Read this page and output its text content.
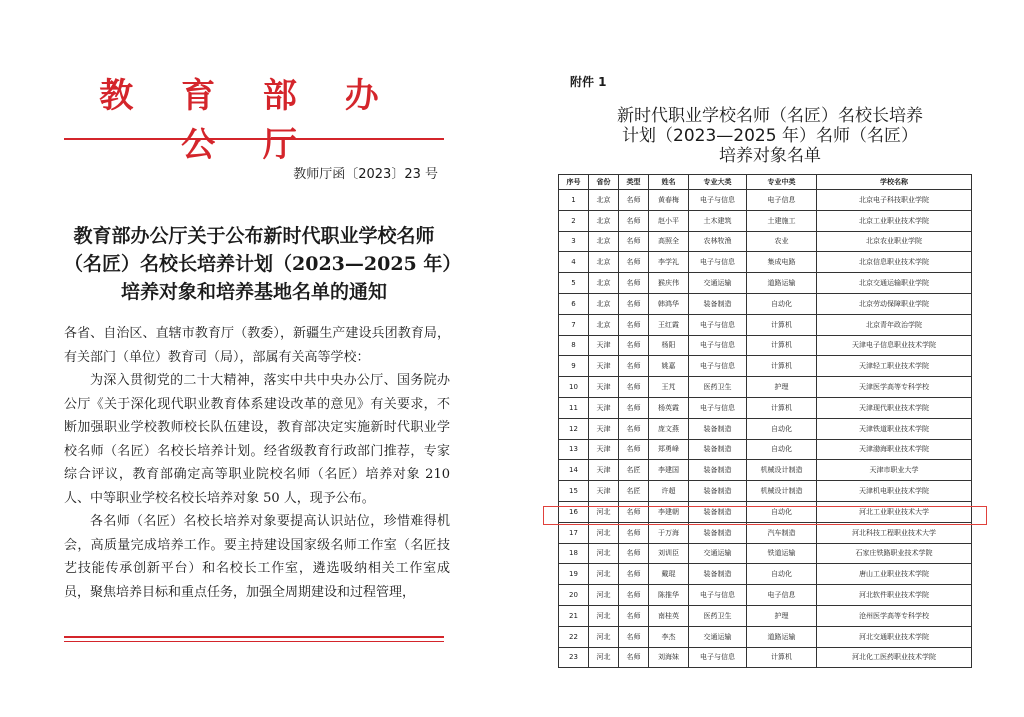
教 育 部 办 公 厅
教师厅函〔2023〕23 号
教育部办公厅关于公布新时代职业学校名师
（名匠）名校长培养计划（2023—2025 年）
培养对象和培养基地名单的通知

各省、自治区、直辖市教育厅（教委），新疆生产建设兵团教育局，有关部门（单位）教育司（局），部属有关高等学校：

为深入贯彻党的二十大精神，落实中共中央办公厅、国务院办公厅《关于深化现代职业教育体系建设改革的意见》有关要求，不断加强职业学校教师校长队伍建设，教育部决定实施新时代职业学校名师（名匠）名校长培养计划。经省级教育行政部门推荐，专家综合评议，教育部确定高等职业院校名师（名匠）培养对象 210 人、中等职业学校名校长培养对象 50 人，现予公布。

各名师（名匠）名校长培养对象要提高认识站位，珍惜难得机会，高质量完成培养工作。要主持建设国家级名师工作室（名匠技艺技能传承创新平台）和名校长工作室，遴选吸纳相关工作室成员，聚焦培养目标和重点任务，加强全周期建设和过程管理，

附件 1
新时代职业学校名师（名匠）名校长培养
计划（2023—2025 年）名师（名匠）
培养对象名单
序号	省份	类型	姓名	专业大类	专业中类	学校名称
1	北京	名师	黄春梅	电子与信息	电子信息	北京电子科技职业学院
2	北京	名师	赵小平	土木建筑	土建施工	北京工业职业技术学院
3	北京	名师	高照全	农林牧渔	农业	北京农业职业学院
4	北京	名师	李学礼	电子与信息	集成电路	北京信息职业技术学院
5	北京	名师	猴庆伟	交通运输	道路运输	北京交通运输职业学院
6	北京	名师	韩鸿华	装备制造	自动化	北京劳动保障职业学院
7	北京	名师	王红霞	电子与信息	计算机	北京青年政治学院
8	天津	名师	杨阳	电子与信息	计算机	天津电子信息职业技术学院
9	天津	名师	姚嘉	电子与信息	计算机	天津轻工职业技术学院
10	天津	名师	王芃	医药卫生	护理	天津医学高等专科学校
11	天津	名师	杨英霞	电子与信息	计算机	天津现代职业技术学院
12	天津	名师	庞文燕	装备制造	自动化	天津铁道职业技术学院
13	天津	名师	郑勇峰	装备制造	自动化	天津渤海职业技术学院
14	天津	名匠	李建国	装备制造	机械设计制造	天津市职业大学
15	天津	名匠	许超	装备制造	机械设计制造	天津机电职业技术学院
16	河北	名师	李建朝	装备制造	自动化	河北工业职业技术大学
17	河北	名师	于万海	装备制造	汽车制造	河北科技工程职业技术大学
18	河北	名师	刘训臣	交通运输	铁道运输	石家庄铁路职业技术学院
19	河北	名师	戴琨	装备制造	自动化	唐山工业职业技术学院
20	河北	名师	陈推华	电子与信息	电子信息	河北软件职业技术学院
21	河北	名师	南桂英	医药卫生	护理	沧州医学高等专科学校
22	河北	名师	李杰	交通运输	道路运输	河北交通职业技术学院
23	河北	名师	刘海妹	电子与信息	计算机	河北化工医药职业技术学院
